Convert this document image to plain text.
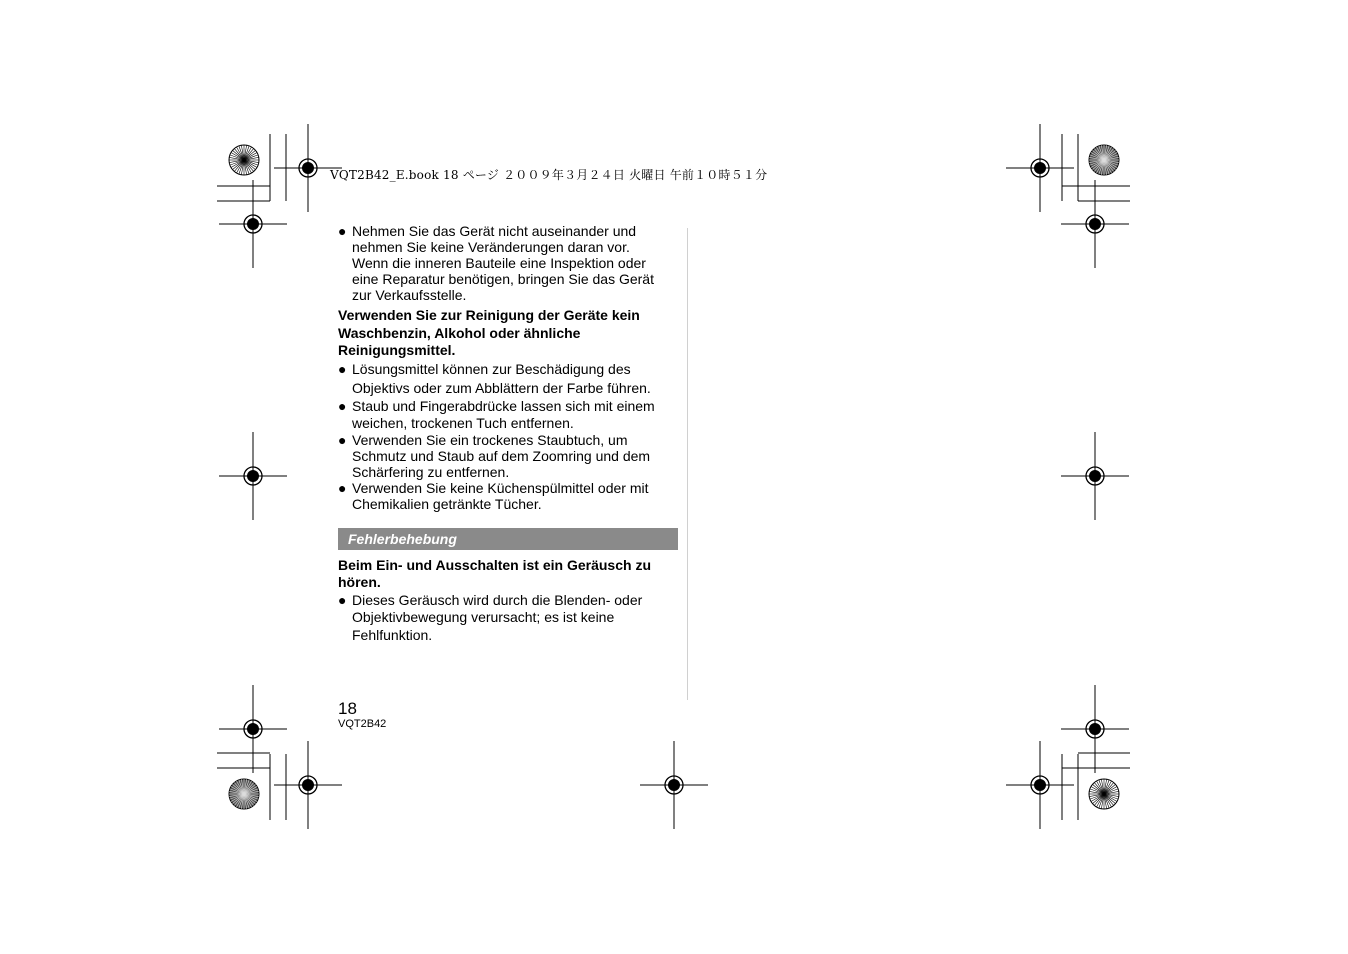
VQT2B42_E.book 18 ページ ２００９年３月２４日 火曜日 午前１０時５１分
● Nehmen Sie das Gerät nicht auseinander und
nehmen Sie keine Veränderungen daran vor.
Wenn die inneren Bauteile eine Inspektion oder
eine Reparatur benötigen, bringen Sie das Gerät
zur Verkaufsstelle.
Verwenden Sie zur Reinigung der Geräte kein
Waschbenzin, Alkohol oder ähnliche
Reinigungsmittel.
● Lösungsmittel können zur Beschädigung des
Objektivs oder zum Abblättern der Farbe führen.
● Staub und Fingerabdrücke lassen sich mit einem
weichen, trockenen Tuch entfernen.
● Verwenden Sie ein trockenes Staubtuch, um
Schmutz und Staub auf dem Zoomring und dem
Schärfering zu entfernen.
● Verwenden Sie keine Küchenspülmittel oder mit
Chemikalien getränkte Tücher.
Fehlerbehebung
Beim Ein- und Ausschalten ist ein Geräusch zu
hören.
● Dieses Geräusch wird durch die Blenden- oder
Objektivbewegung verursacht; es ist keine
Fehlfunktion.
18
VQT2B42
